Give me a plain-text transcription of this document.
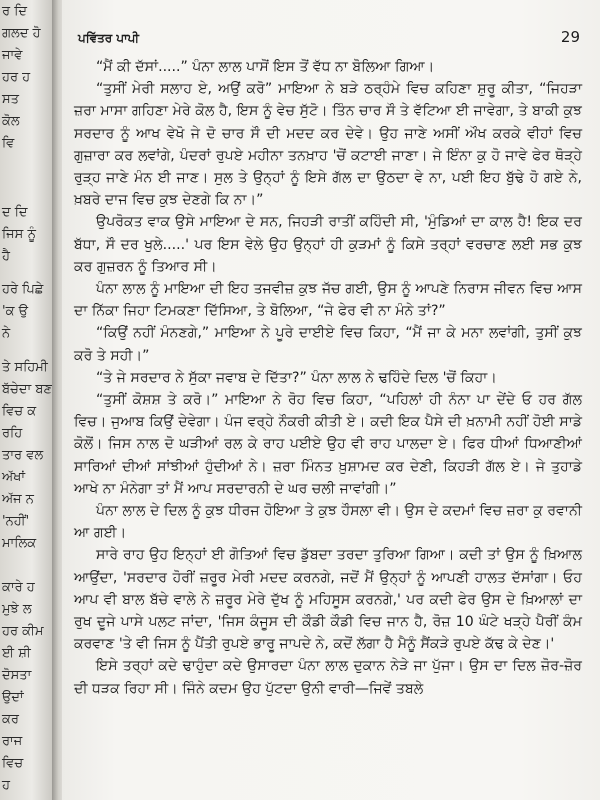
ਰ ਦਿ
ਗਲਦ ਹੋ
ਜਾਵੇ
ਹਰ ਹ
ਸਤ
ਕੋਲ
ਵਿ
ਦ ਦਿ
ਜਿਸ ਨੂੰ
ਹੈ
ਹਰੇ ਪਿਛੇ
'ਕ ਉ
ਨੇ
ਤੇ ਸਹਿਮੀ
ਬੱਚੇਦਾ ਬਣ
ਵਿਚ ਕ
ਰਹਿ
ਤਾਰ ਵਲ
ਅੱਖਾਂ
ਅੱਜ ਨ
'ਨਹੀਂ'
ਮਾਲਿਕ
ਕਾਰੇ ਹ
ਮੁਝੇ ਲ
ਹਰ ਕੀਮ
ਈ ਸ਼ੀ
ਦੋਸਤਾ
ਉਦਾਂ
ਕਰ
ਰਾਜ
ਵਿਚ
ਹ
ਪਵਿੱਤਰ ਪਾਪੀ	29

“ਮੈਂ ਕੀ ਦੱਸਾਂ.....” ਪੰਨਾ ਲਾਲ ਪਾਸੋਂ ਇਸ ਤੋਂ ਵੱਧ ਨਾ ਬੋਲਿਆ ਗਿਆ।

“ਤੁਸੀਂ ਮੇਰੀ ਸਲਾਹ ਏ, ਅਉਂ ਕਰੋ” ਮਾਇਆ ਨੇ ਬੜੇ ਠਰ੍ਹੰਮੇ ਵਿਚ ਕਹਿਣਾ ਸ਼ੁਰੂ ਕੀਤਾ, “ਜਿਹੜਾ ਜ਼ਰਾ ਮਾਸਾ ਗਹਿਣਾ ਮੇਰੇ ਕੋਲ ਹੈ, ਇਸ ਨੂੰ ਵੇਚ ਸੁੱਟੋ। ਤਿੰਨ ਚਾਰ ਸੌ ਤੇ ਵੱਟਿਆ ਈ ਜਾਵੇਗਾ, ਤੇ ਬਾਕੀ ਕੁਝ ਸਰਦਾਰ ਨੂੰ ਆਖ ਵੇਖੋ ਜੇ ਦੋ ਚਾਰ ਸੌ ਦੀ ਮਦਦ ਕਰ ਦੇਵੇ। ਉਹ ਜਾਣੇ ਅਸੀਂ ਔਖ ਕਰਕੇ ਵੀਹਾਂ ਵਿਚ ਗੁਜ਼ਾਰਾ ਕਰ ਲਵਾਂਗੇ, ਪੰਦਰਾਂ ਰੁਪਏ ਮਹੀਨਾ ਤਨਖ਼ਾਹ 'ਚੋਂ ਕਟਾਈ ਜਾਣਾ। ਜੇ ਇੰਨਾ ਕੁ ਹੋ ਜਾਵੇ ਫੇਰ ਥੋੜ੍ਹੇ ਰੁੜ੍ਹ ਜਾਣੇ ਮੰਨ ਈ ਜਾਣ। ਸੁਲ ਤੇ ਉਨ੍ਹਾਂ ਨੂੰ ਇਸੇ ਗੱਲ ਦਾ ਉਠਦਾ ਵੇ ਨਾ, ਪਈ ਇਹ ਬੁੱਢੇ ਹੋ ਗਏ ਨੇ, ਖ਼ਬਰੇ ਦਾਜ ਵਿਚ ਕੁਝ ਦੇਣਗੇ ਕਿ ਨਾ।”

ਉਪਰੋਕਤ ਵਾਕ ਉਸੇ ਮਾਇਆ ਦੇ ਸਨ, ਜਿਹੜੀ ਰਾਤੀਂ ਕਹਿੰਦੀ ਸੀ, 'ਮੁੰਡਿਆਂ ਦਾ ਕਾਲ ਹੈ! ਇਕ ਦਰ ਬੱਧਾ, ਸੌ ਦਰ ਖੁਲੇ.....' ਪਰ ਇਸ ਵੇਲੇ ਉਹ ਉਨ੍ਹਾਂ ਹੀ ਕੁੜਮਾਂ ਨੂੰ ਕਿਸੇ ਤਰ੍ਹਾਂ ਵਰਚਾਣ ਲਈ ਸਭ ਕੁਝ ਕਰ ਗੁਜ਼ਰਨ ਨੂੰ ਤਿਆਰ ਸੀ।

ਪੰਨਾ ਲਾਲ ਨੂੰ ਮਾਇਆ ਦੀ ਇਹ ਤਜਵੀਜ਼ ਕੁਝ ਜੱਚ ਗਈ, ਉਸ ਨੂੰ ਆਪਣੇ ਨਿਰਾਸ ਜੀਵਨ ਵਿਚ ਆਸ ਦਾ ਨਿੱਕਾ ਜਿਹਾ ਟਿਮਕਣਾ ਦਿੱਸਿਆ, ਤੇ ਬੋਲਿਆ, “ਜੇ ਫੇਰ ਵੀ ਨਾ ਮੰਨੇ ਤਾਂ?”

“ਕਿਉਂ ਨਹੀਂ ਮੰਨਣਗੇ,” ਮਾਇਆ ਨੇ ਪੂਰੇ ਦਾਈਏ ਵਿਚ ਕਿਹਾ, “ਮੈਂ ਜਾ ਕੇ ਮਨਾ ਲਵਾਂਗੀ, ਤੁਸੀਂ ਕੁਝ ਕਰੋ ਤੇ ਸਹੀ।”

“ਤੇ ਜੇ ਸਰਦਾਰ ਨੇ ਸੁੱਕਾ ਜਵਾਬ ਦੇ ਦਿੱਤਾ?” ਪੰਨਾ ਲਾਲ ਨੇ ਢਹਿੰਦੇ ਦਿਲ 'ਚੋਂ ਕਿਹਾ।

“ਤੁਸੀਂ ਕੋਸ਼ਸ਼ ਤੇ ਕਰੋ।” ਮਾਇਆ ਨੇ ਰੋਹ ਵਿਚ ਕਿਹਾ, “ਪਹਿਲਾਂ ਹੀ ਨੰਨਾ ਪਾ ਦੇਂਦੇ ਓ ਹਰ ਗੱਲ ਵਿਚ। ਜੁਆਬ ਕਿਉਂ ਦੇਵੇਗਾ। ਪੰਜ ਵਰ੍ਹੇ ਨੌਕਰੀ ਕੀਤੀ ਏ। ਕਦੀ ਇਕ ਪੈਸੇ ਦੀ ਖ਼ਨਾਮੀ ਨਹੀਂ ਹੋਈ ਸਾਡੇ ਕੋਲੋਂ। ਜਿਸ ਨਾਲ ਦੋ ਘੜੀਆਂ ਰਲ ਕੇ ਰਾਹ ਪਈਏ ਉਹ ਵੀ ਰਾਹ ਪਾਲਦਾ ਏ। ਫਿਰ ਧੀਆਂ ਧਿਆਣੀਆਂ ਸਾਰਿਆਂ ਦੀਆਂ ਸਾਂਝੀਆਂ ਹੁੰਦੀਆਂ ਨੇ। ਜ਼ਰਾ ਮਿੰਨਤ ਖ਼ੁਸ਼ਾਮਦ ਕਰ ਦੇਣੀ, ਕਿਹੜੀ ਗੱਲ ਏ। ਜੇ ਤੁਹਾਡੇ ਆਖੇ ਨਾ ਮੰਨੇਗਾ ਤਾਂ ਮੈਂ ਆਪ ਸਰਦਾਰਨੀ ਦੇ ਘਰ ਚਲੀ ਜਾਵਾਂਗੀ।”

ਪੰਨਾ ਲਾਲ ਦੇ ਦਿਲ ਨੂੰ ਕੁਝ ਧੀਰਜ ਹੋਇਆ ਤੇ ਕੁਝ ਹੌਸਲਾ ਵੀ। ਉਸ ਦੇ ਕਦਮਾਂ ਵਿਚ ਜ਼ਰਾ ਕੁ ਰਵਾਨੀ ਆ ਗਈ।

ਸਾਰੇ ਰਾਹ ਉਹ ਇਨ੍ਹਾਂ ਈ ਗੋਤਿਆਂ ਵਿਚ ਡੁੱਬਦਾ ਤਰਦਾ ਤੁਰਿਆ ਗਿਆ। ਕਦੀ ਤਾਂ ਉਸ ਨੂੰ ਖ਼ਿਆਲ ਆਉਂਦਾ, 'ਸਰਦਾਰ ਹੋਰੀਂ ਜ਼ਰੂਰ ਮੇਰੀ ਮਦਦ ਕਰਨਗੇ, ਜਦੋਂ ਮੈਂ ਉਨ੍ਹਾਂ ਨੂੰ ਆਪਣੀ ਹਾਲਤ ਦੱਸਾਂਗਾ। ਓਹ ਆਪ ਵੀ ਬਾਲ ਬੱਚੇ ਵਾਲੇ ਨੇ ਜ਼ਰੂਰ ਮੇਰੇ ਦੁੱਖ ਨੂੰ ਮਹਿਸੂਸ ਕਰਨਗੇ,' ਪਰ ਕਦੀ ਫੇਰ ਉਸ ਦੇ ਖ਼ਿਆਲਾਂ ਦਾ ਰੁਖ ਦੂਜੇ ਪਾਸੇ ਪਲਟ ਜਾਂਦਾ, 'ਜਿਸ ਕੰਜੂਸ ਦੀ ਕੌਡੀ ਕੌਡੀ ਵਿਚ ਜਾਨ ਹੈ, ਰੋਜ਼ 10 ਘੰਟੇ ਖੜ੍ਹੇ ਪੈਰੀਂ ਕੰਮ ਕਰਵਾਣ 'ਤੇ ਵੀ ਜਿਸ ਨੂੰ ਪੈਂਤੀ ਰੁਪਏ ਭਾਰੂ ਜਾਪਦੇ ਨੇ, ਕਦੋਂ ਲੱਗਾ ਹੈ ਮੈਨੂੰ ਸੈਂਕੜੇ ਰੁਪਏ ਕੱਢ ਕੇ ਦੇਣ।'

ਇਸੇ ਤਰ੍ਹਾਂ ਕਦੇ ਢਾਹੁੰਦਾ ਕਦੇ ਉਸਾਰਦਾ ਪੰਨਾ ਲਾਲ ਦੁਕਾਨ ਨੇੜੇ ਜਾ ਪੁੱਜਾ। ਉਸ ਦਾ ਦਿਲ ਜ਼ੋਰ-ਜ਼ੋਰ ਦੀ ਧੜਕ ਰਿਹਾ ਸੀ। ਜਿੰਨੇ ਕਦਮ ਉਹ ਪੁੱਟਦਾ ਉਨੀ ਵਾਰੀ—ਜਿਵੇਂ ਤਬਲੇ
